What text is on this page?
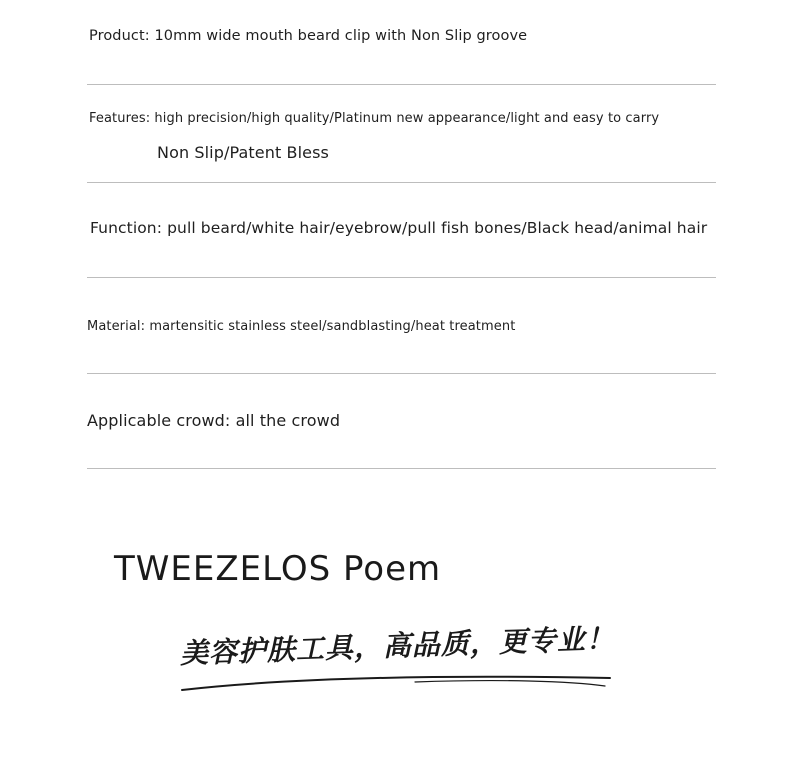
Product: 10mm wide mouth beard clip with Non Slip groove
Features: high precision/high quality/Platinum new appearance/light and easy to carry
Non Slip/Patent Bless
Function: pull beard/white hair/eyebrow/pull fish bones/Black head/animal hair
Material: martensitic stainless steel/sandblasting/heat treatment
Applicable crowd: all the crowd
TWEEZELOS Poem
美容护肤工具，高品质，更专业！
